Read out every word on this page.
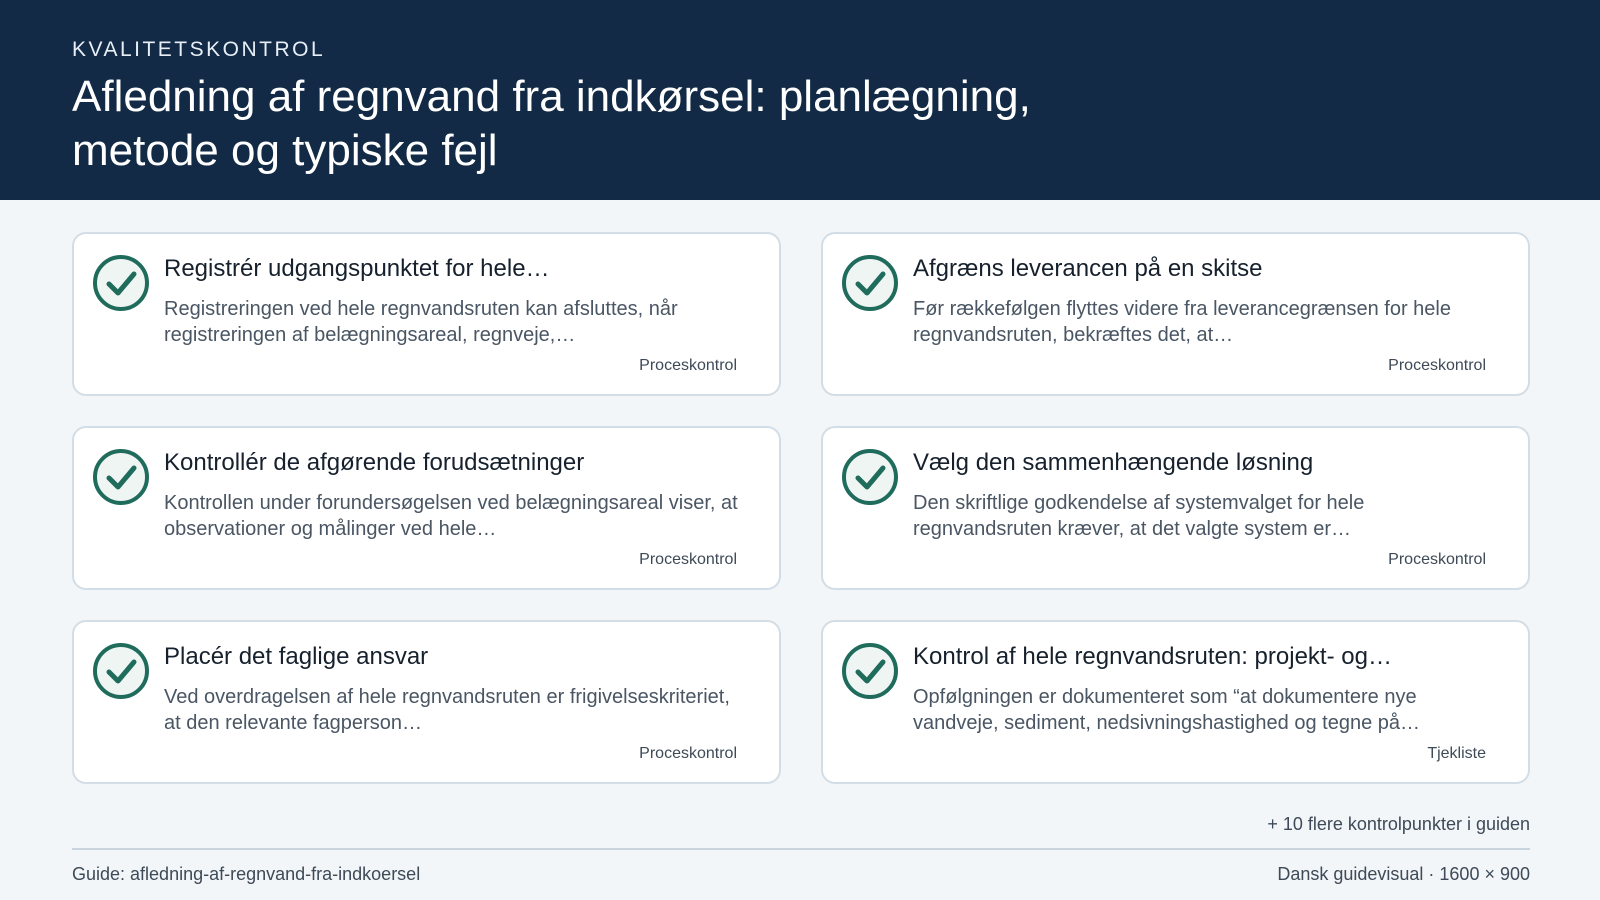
KVALITETSKONTROL
Afledning af regnvand fra indkørsel: planlægning, metode og typiske fejl
Registrér udgangspunktet for hele…
Registreringen ved hele regnvandsruten kan afsluttes, når registreringen af belægningsareal, regnveje,…
Proceskontrol
Afgræns leverancen på en skitse
Før rækkefølgen flyttes videre fra leverancegrænsen for hele regnvandsruten, bekræftes det, at…
Proceskontrol
Kontrollér de afgørende forudsætninger
Kontrollen under forundersøgelsen ved belægningsareal viser, at observationer og målinger ved hele…
Proceskontrol
Vælg den sammenhængende løsning
Den skriftlige godkendelse af systemvalget for hele regnvandsruten kræver, at det valgte system er…
Proceskontrol
Placér det faglige ansvar
Ved overdragelsen af hele regnvandsruten er frigivelseskriteriet, at den relevante fagperson…
Proceskontrol
Kontrol af hele regnvandsruten: projekt- og…
Opfølgningen er dokumenteret som “at dokumentere nye vandveje, sediment, nedsivningshastighed og tegne på…
Tjekliste
+ 10 flere kontrolpunkter i guiden
Guide: afledning-af-regnvand-fra-indkoersel	Dansk guidevisual · 1600 × 900
